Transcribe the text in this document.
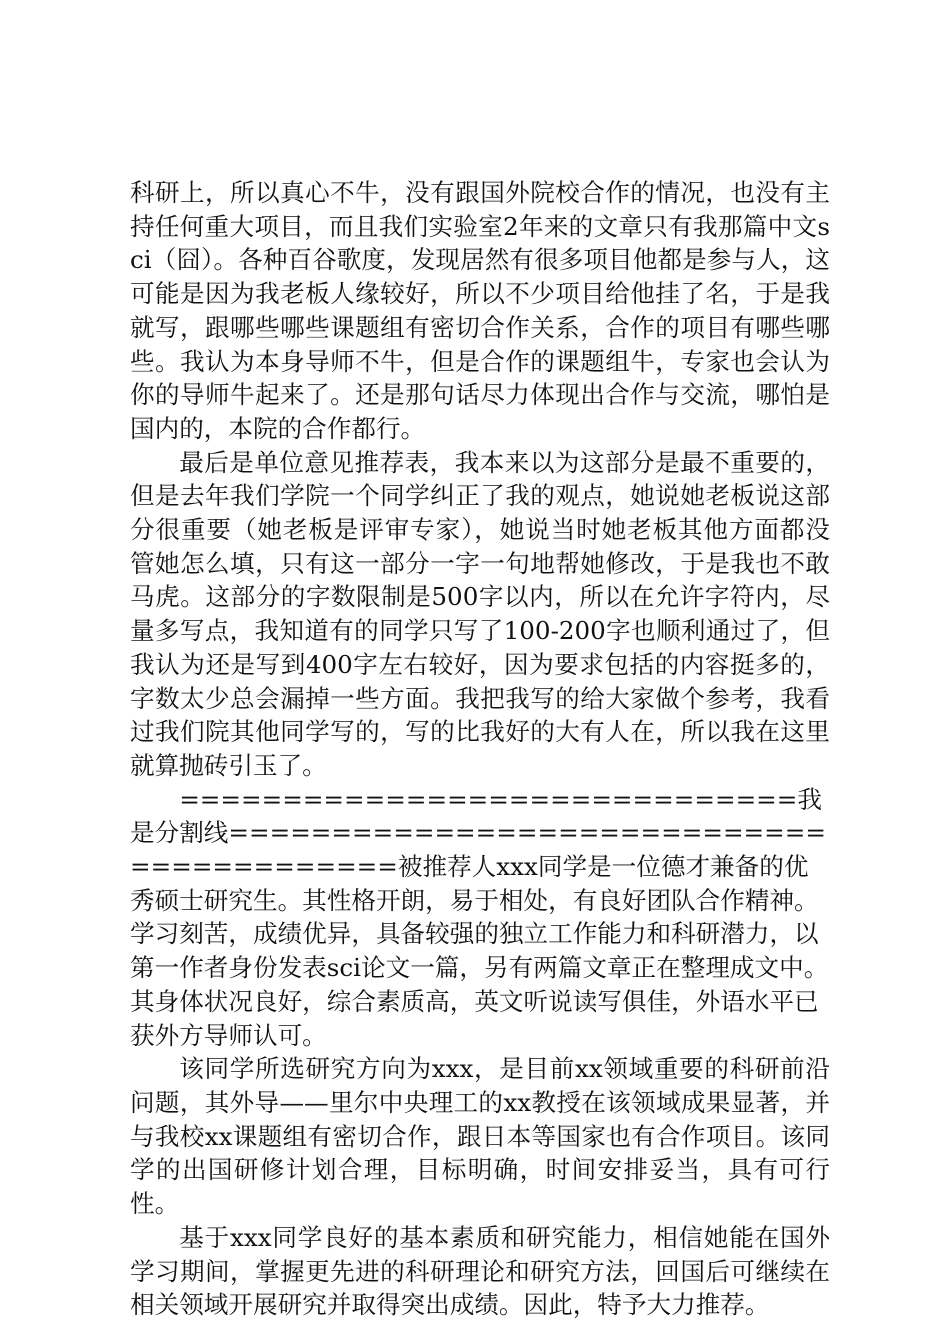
科研上，所以真心不牛，没有跟国外院校合作的情况，也没有主持任何重大项目，而且我们实验室2年来的文章只有我那篇中文sci（囧）。各种百谷歌度，发现居然有很多项目他都是参与人，这可能是因为我老板人缘较好，所以不少项目给他挂了名，于是我就写，跟哪些哪些课题组有密切合作关系，合作的项目有哪些哪些。我认为本身导师不牛，但是合作的课题组牛，专家也会认为你的导师牛起来了。还是那句话尽力体现出合作与交流，哪怕是国内的，本院的合作都行。

最后是单位意见推荐表，我本来以为这部分是最不重要的，但是去年我们学院一个同学纠正了我的观点，她说她老板说这部分很重要（她老板是评审专家），她说当时她老板其他方面都没管她怎么填，只有这一部分一字一句地帮她修改，于是我也不敢马虎。这部分的字数限制是500字以内，所以在允许字符内，尽量多写点，我知道有的同学只写了100-200字也顺利通过了，但我认为还是写到400字左右较好，因为要求包括的内容挺多的，字数太少总会漏掉一些方面。我把我写的给大家做个参考，我看过我们院其他同学写的，写的比我好的大有人在，所以我在这里就算抛砖引玉了。

==============================我是分割线==========================================被推荐人xxx同学是一位德才兼备的优秀硕士研究生。其性格开朗，易于相处，有良好团队合作精神。学习刻苦，成绩优异，具备较强的独立工作能力和科研潜力，以第一作者身份发表sci论文一篇，另有两篇文章正在整理成文中。其身体状况良好，综合素质高，英文听说读写俱佳，外语水平已获外方导师认可。

该同学所选研究方向为xxx，是目前xx领域重要的科研前沿问题，其外导——里尔中央理工的xx教授在该领域成果显著，并与我校xx课题组有密切合作，跟日本等国家也有合作项目。该同学的出国研修计划合理，目标明确，时间安排妥当，具有可行性。

基于xxx同学良好的基本素质和研究能力，相信她能在国外学习期间，掌握更先进的科研理论和研究方法，回国后可继续在相关领域开展研究并取得突出成绩。因此，特予大力推荐。
